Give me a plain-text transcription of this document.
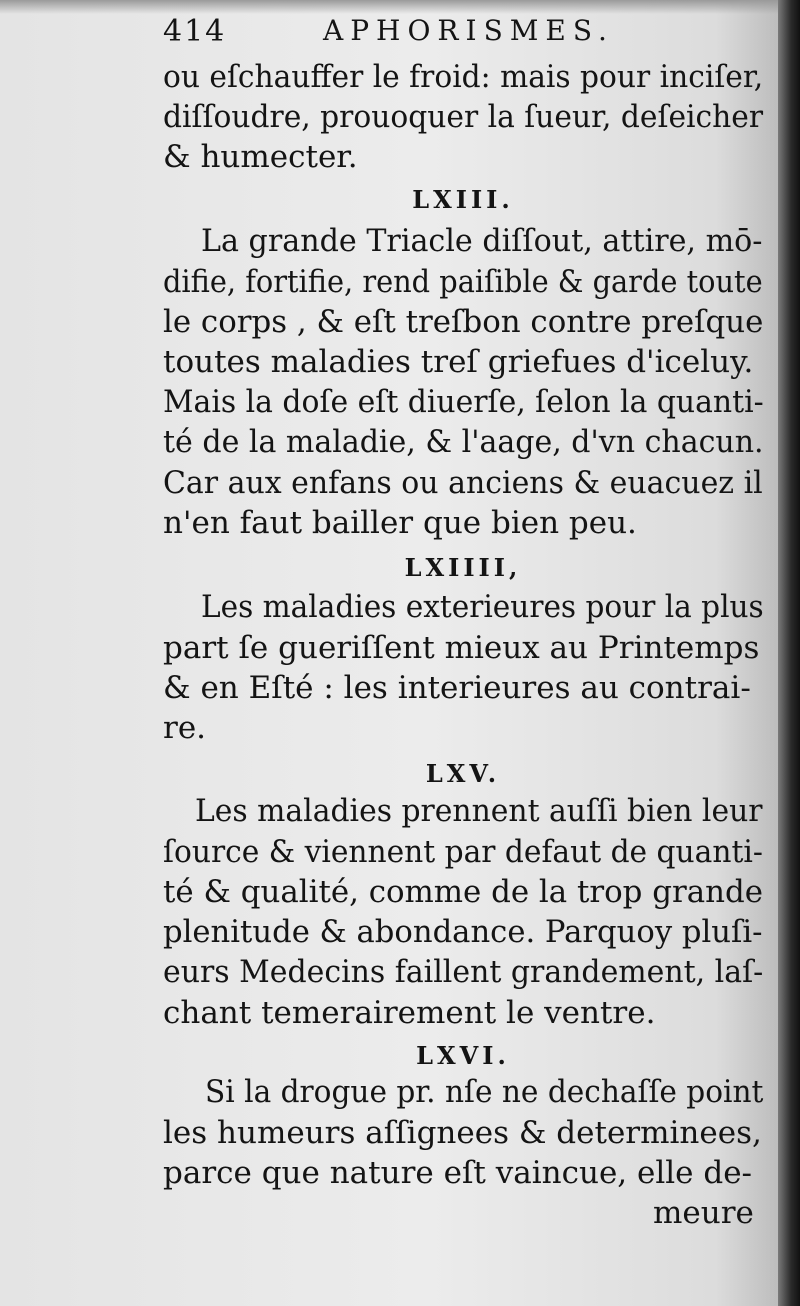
414	APHORISMES.
ou eſchauffer le froid: mais pour inciſer,
diſſoudre, prouoquer la ſueur, deſeicher
& humecter.
LXIII.
La grande Triacle diſſout, attire, mō-
difie, fortifie, rend paiſible & garde toute
le corps , & eſt treſbon contre preſque
toutes maladies treſ griefues d'iceluy.
Mais la doſe eſt diuerſe, ſelon la quanti-
té de la maladie, & l'aage, d'vn chacun.
Car aux enfans ou anciens & euacuez il
n'en faut bailler que bien peu.
LXIIII,
Les maladies exterieures pour la plus
part ſe gueriſſent mieux au Printemps
& en Eſté : les interieures au contrai-
re.
LXV.
Les maladies prennent auſſi bien leur
ſource & viennent par defaut de quanti-
té & qualité, comme de la trop grande
plenitude & abondance. Parquoy pluſi-
eurs Medecins faillent grandement, laſ-
chant temerairement le ventre.
LXVI.
Si la drogue pr. nſe ne dechaſſe point
les humeurs aſſignees & determinees,
parce que nature eſt vaincue, elle de-
meure
